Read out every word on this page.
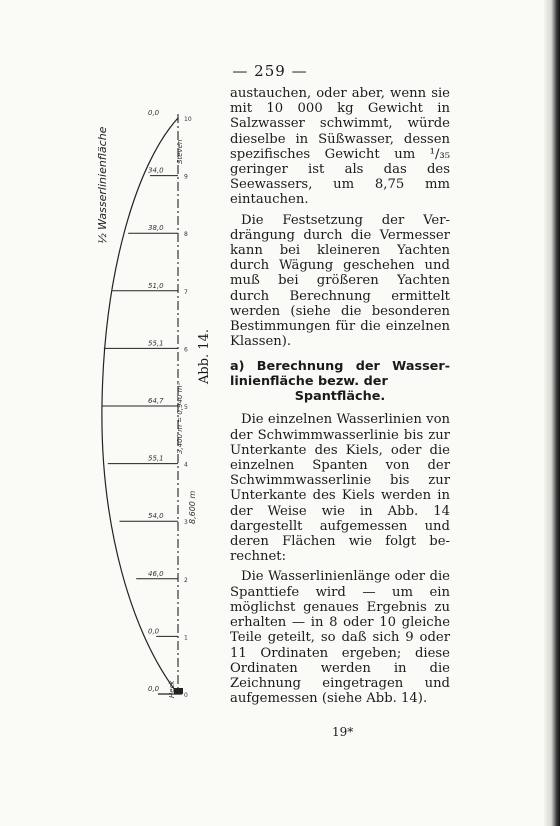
— 259 —
0,0
10
34,0
9
38,0
8
51,0
7
55,1
6
64,7
5
55,1
4
54,0
3
46,0
2
0,0
1
0,0
0
½ Wasserlinienfläche
3,400 m = 0,940 m²
Steven
Heck
8,600 m
Abb. 14.

austauchen, oder aber, wenn sie mit 10 000 kg Gewicht in Salzwasser schwimmt, würde dieselbe in Süßwasser, dessen spezifisches Gewicht um ¹/₃₅ geringer ist als das des Seewassers, um 8,75 mm eintauchen.

Die Festsetzung der Verdrängung durch die Vermesser kann bei kleineren Yachten durch Wägung geschehen und muß bei größeren Yachten durch Berechnung ermittelt werden (siehe die besonderen Bestimmungen für die einzelnen Klassen).

a) Berechnung der Wasserlinienfläche bezw. der
Spantfläche.

Die einzelnen Wasserlinien von der Schwimmwasserlinie bis zur Unterkante des Kiels, oder die einzelnen Spanten von der Schwimmwasserlinie bis zur Unterkante des Kiels werden in der Weise wie in Abb. 14 dargestellt aufgemessen und deren Flächen wie folgt berechnet:

Die Wasserlinienlänge oder die Spanttiefe wird — um ein möglichst genaues Ergebnis zu erhalten — in 8 oder 10 gleiche Teile geteilt, so daß sich 9 oder 11 Ordinaten ergeben; diese Ordinaten werden in die Zeichnung eingetragen und aufgemessen (siehe Abb. 14).

19*
